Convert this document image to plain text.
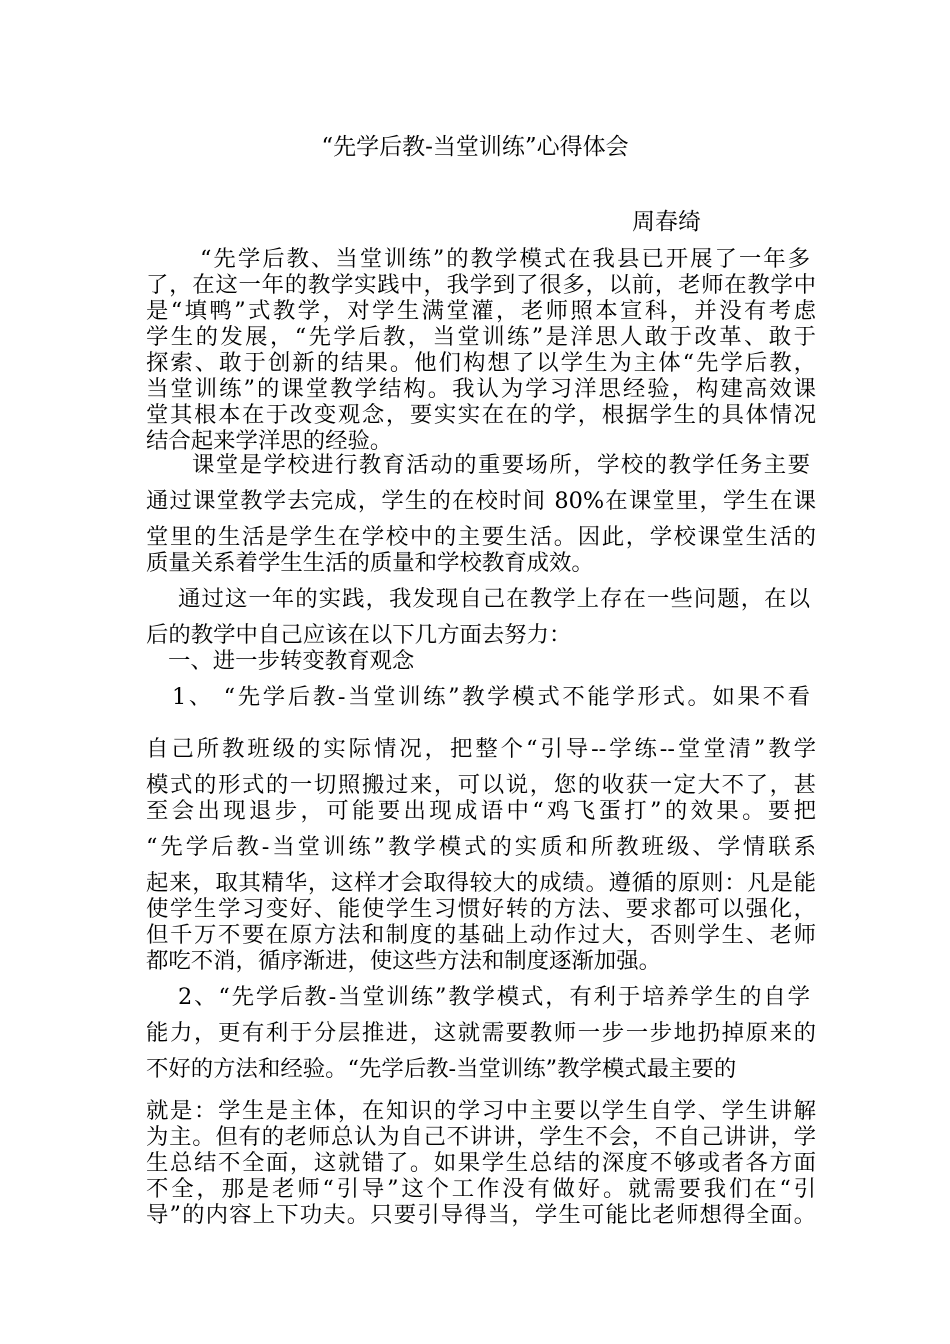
“先学后教-当堂训练”心得体会
周春绮
“先学后教、当堂训练”的教学模式在我县已开展了一年多
了，在这一年的教学实践中，我学到了很多，以前，老师在教学中
是“填鸭”式教学，对学生满堂灌，老师照本宣科，并没有考虑
学生的发展，“先学后教，当堂训练”是洋思人敢于改革、敢于
探索、敢于创新的结果。他们构想了以学生为主体“先学后教，
当堂训练”的课堂教学结构。我认为学习洋思经验，构建高效课
堂其根本在于改变观念，要实实在在的学，根据学生的具体情况
结合起来学洋思的经验。
课堂是学校进行教育活动的重要场所，学校的教学任务主要
通过课堂教学去完成，学生的在校时间 80%在课堂里，学生在课
堂里的生活是学生在学校中的主要生活。因此，学校课堂生活的
质量关系着学生生活的质量和学校教育成效。
通过这一年的实践，我发现自己在教学上存在一些问题，在以
后的教学中自己应该在以下几方面去努力：
一、进一步转变教育观念
1、 “先学后教-当堂训练”教学模式不能学形式。如果不看
自己所教班级的实际情况，把整个“引导--学练--堂堂清”教学
模式的形式的一切照搬过来，可以说，您的收获一定大不了，甚
至会出现退步，可能要出现成语中“鸡飞蛋打”的效果。要把
“先学后教-当堂训练”教学模式的实质和所教班级、学情联系
起来，取其精华，这样才会取得较大的成绩。遵循的原则：凡是能
使学生学习变好、能使学生习惯好转的方法、要求都可以强化，
但千万不要在原方法和制度的基础上动作过大，否则学生、老师
都吃不消，循序渐进，使这些方法和制度逐渐加强。
2、“先学后教-当堂训练”教学模式，有利于培养学生的自学
能力，更有利于分层推进，这就需要教师一步一步地扔掉原来的
不好的方法和经验。“先学后教-当堂训练”教学模式最主要的
就是：学生是主体，在知识的学习中主要以学生自学、学生讲解
为主。但有的老师总认为自己不讲讲，学生不会，不自己讲讲，学
生总结不全面，这就错了。如果学生总结的深度不够或者各方面
不全，那是老师“引导”这个工作没有做好。就需要我们在“引
导”的内容上下功夫。只要引导得当，学生可能比老师想得全面。
